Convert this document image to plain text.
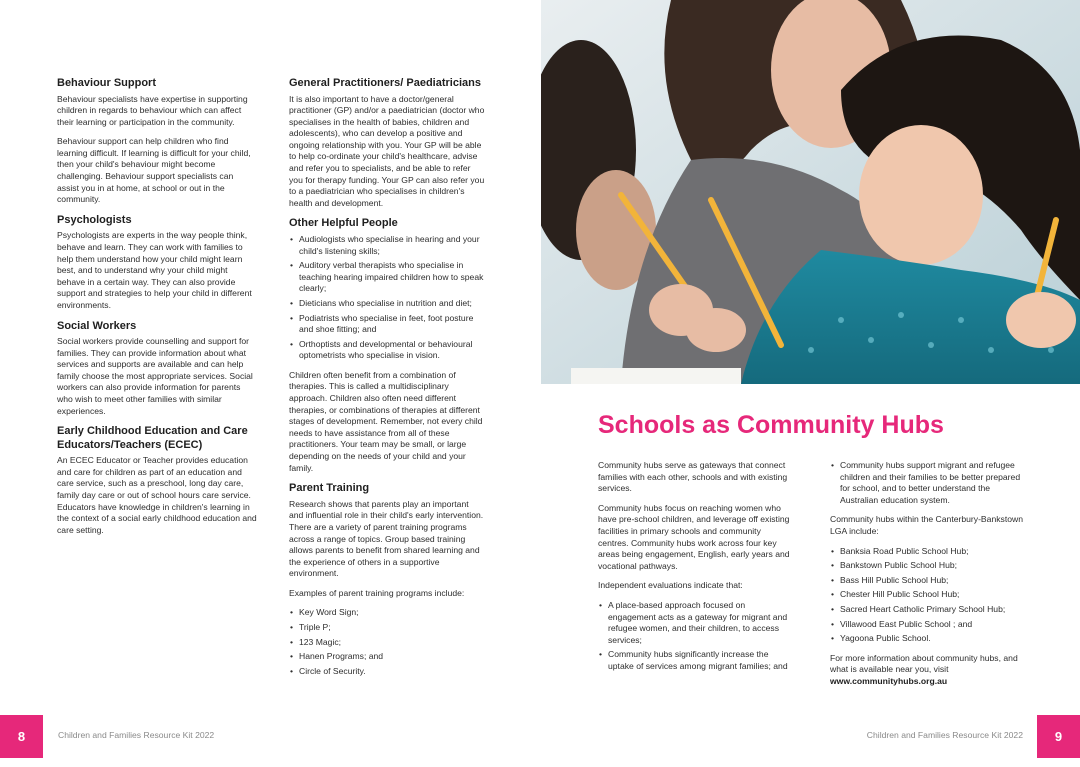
Behaviour Support

Behaviour specialists have expertise in supporting children in regards to behaviour which can affect their learning or participation in the community.

Behaviour support can help children who find learning difficult. If learning is difficult for your child, then your child's behaviour might become challenging. Behaviour support specialists can assist you in at home, at school or out in the community.

Psychologists

Psychologists are experts in the way people think, behave and learn. They can work with families to help them understand how your child might learn best, and to understand why your child might behave in a certain way. They can also provide support and strategies to help your child in different environments.

Social Workers

Social workers provide counselling and support for families. They can provide information about what services and supports are available and can help family choose the most appropriate services. Social workers can also provide information for parents who wish to meet other families with similar experiences.

Early Childhood Education and Care Educators/Teachers (ECEC)

An ECEC Educator or Teacher provides education and care for children as part of an education and care service, such as a preschool, long day care, family day care or out of school hours care service. Educators have knowledge in children's learning in the context of a social early childhood education and care setting.

General Practitioners/ Paediatricians

It is also important to have a doctor/general practitioner (GP) and/or a paediatrician (doctor who specialises in the health of babies, children and adolescents), who can develop a positive and ongoing relationship with you. Your GP will be able to help co-ordinate your child's healthcare, advise and refer you to specialists, and be able to refer you for therapy funding. Your GP can also refer you to a paediatrician who specialises in children's health and development.

Other Helpful People
• Audiologists who specialise in hearing and your child's listening skills;
• Auditory verbal therapists who specialise in teaching hearing impaired children how to speak clearly;
• Dieticians who specialise in nutrition and diet;
• Podiatrists who specialise in feet, foot posture and shoe fitting; and
• Orthoptists and developmental or behavioural optometrists who specialise in vision.

Children often benefit from a combination of therapies. This is called a multidisciplinary approach. Children also often need different therapies, or combinations of therapies at different stages of development. Remember, not every child needs to have assistance from all of these practitioners. Your team may be small, or large depending on the needs of your child and your family.

Parent Training

Research shows that parents play an important and influential role in their child's early intervention. There are a variety of parent training programs across a range of topics. Group based training allows parents to benefit from shared learning and the experience of others in a supportive environment.

Examples of parent training programs include:

• Key Word Sign;
• Triple P;
• 123 Magic;
• Hanen Programs; and
• Circle of Security.
8	Children and Families Resource Kit 2022
Schools as Community Hubs

Community hubs serve as gateways that connect families with each other, schools and with existing services.

Community hubs focus on reaching women who have pre-school children, and leverage off existing facilities in primary schools and community centres. Community hubs work across four key areas being engagement, English, early years and vocational pathways.

Independent evaluations indicate that:

• A place-based approach focused on engagement acts as a gateway for migrant and refugee women, and their children, to access services;
• Community hubs significantly increase the uptake of services among migrant families; and
• Community hubs support migrant and refugee children and their families to be better prepared for school, and to better understand the Australian education system.

Community hubs within the Canterbury-Bankstown LGA include:

• Banksia Road Public School Hub;
• Bankstown Public School Hub;
• Bass Hill Public School Hub;
• Chester Hill Public School Hub;
• Sacred Heart Catholic Primary School Hub;
• Villawood East Public School ; and
• Yagoona Public School.

For more information about community hubs, and what is available near you, visit www.communityhubs.org.au

Children and Families Resource Kit 2022	9
